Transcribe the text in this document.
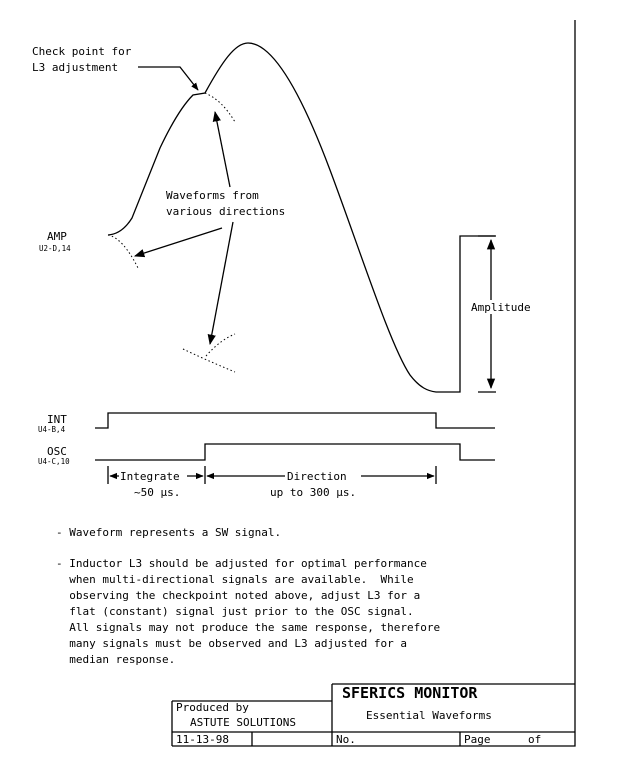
Check point for
L3 adjustment
Waveforms from
various directions
AMP
U2-D,14
Amplitude
INT
U4-B,4
OSC
U4-C,10
Integrate
~50 µs.
Direction
up to 300 µs.
- Waveform represents a SW signal.
- Inductor L3 should be adjusted for optimal performance
when multi-directional signals are available.  While
observing the checkpoint noted above, adjust L3 for a
flat (constant) signal just prior to the OSC signal.
All signals may not produce the same response, therefore
many signals must be observed and L3 adjusted for a
median response.
Produced by
ASTUTE SOLUTIONS
SFERICS MONITOR
Essential Waveforms
11-13-98	No.	Page	of
